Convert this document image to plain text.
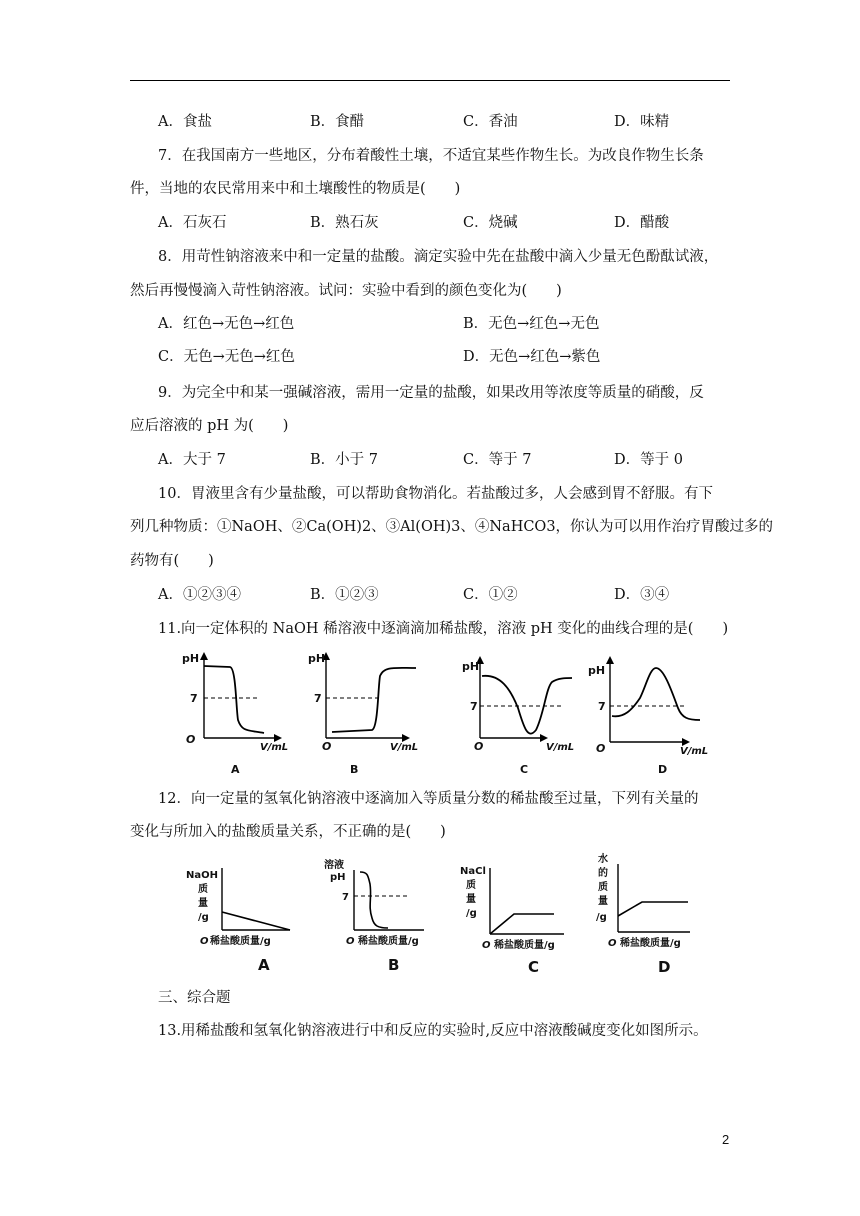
A．食盐	B．食醋	C．香油	D．味精
7．在我国南方一些地区，分布着酸性土壤，不适宜某些作物生长。为改良作物生长条
件，当地的农民常用来中和土壤酸性的物质是(　　)
A．石灰石	B．熟石灰	C．烧碱	D．醋酸
8．用苛性钠溶液来中和一定量的盐酸。滴定实验中先在盐酸中滴入少量无色酚酞试液，
然后再慢慢滴入苛性钠溶液。试问：实验中看到的颜色变化为(　　)
A．红色→无色→红色	B．无色→红色→无色
C．无色→无色→红色	D．无色→红色→紫色
9．为完全中和某一强碱溶液，需用一定量的盐酸，如果改用等浓度等质量的硝酸，反
应后溶液的 pH 为(　　)
A．大于 7	B．小于 7	C．等于 7	D．等于 0
10．胃液里含有少量盐酸，可以帮助食物消化。若盐酸过多，人会感到胃不舒服。有下
列几种物质：①NaOH、②Ca(OH)2、③Al(OH)3、④NaHCO3，你认为可以用作治疗胃酸过多的
药物有(　　)
A．①②③④	B．①②③	C．①②	D．③④
11.向一定体积的 NaOH 稀溶液中逐滴滴加稀盐酸，溶液 pH 变化的曲线合理的是(　　)
pH
7
O
V/mL
A
pH
7
O	V/mL
B
pH
7
O	V/mL
C
pH
7
O	V/mL
D
12．向一定量的氢氧化钠溶液中逐滴加入等质量分数的稀盐酸至过量，下列有关量的
变化与所加入的盐酸质量关系，不正确的是(　　)
NaOH
质
量
/g
O 稀盐酸质量/g
A
溶液
pH
7
O 稀盐酸质量/g
B
NaCl
质
量
/g
O 稀盐酸质量/g
C
水
的
质
量
/g
O 稀盐酸质量/g
D
三、综合题
13.用稀盐酸和氢氧化钠溶液进行中和反应的实验时,反应中溶液酸碱度变化如图所示。
2
